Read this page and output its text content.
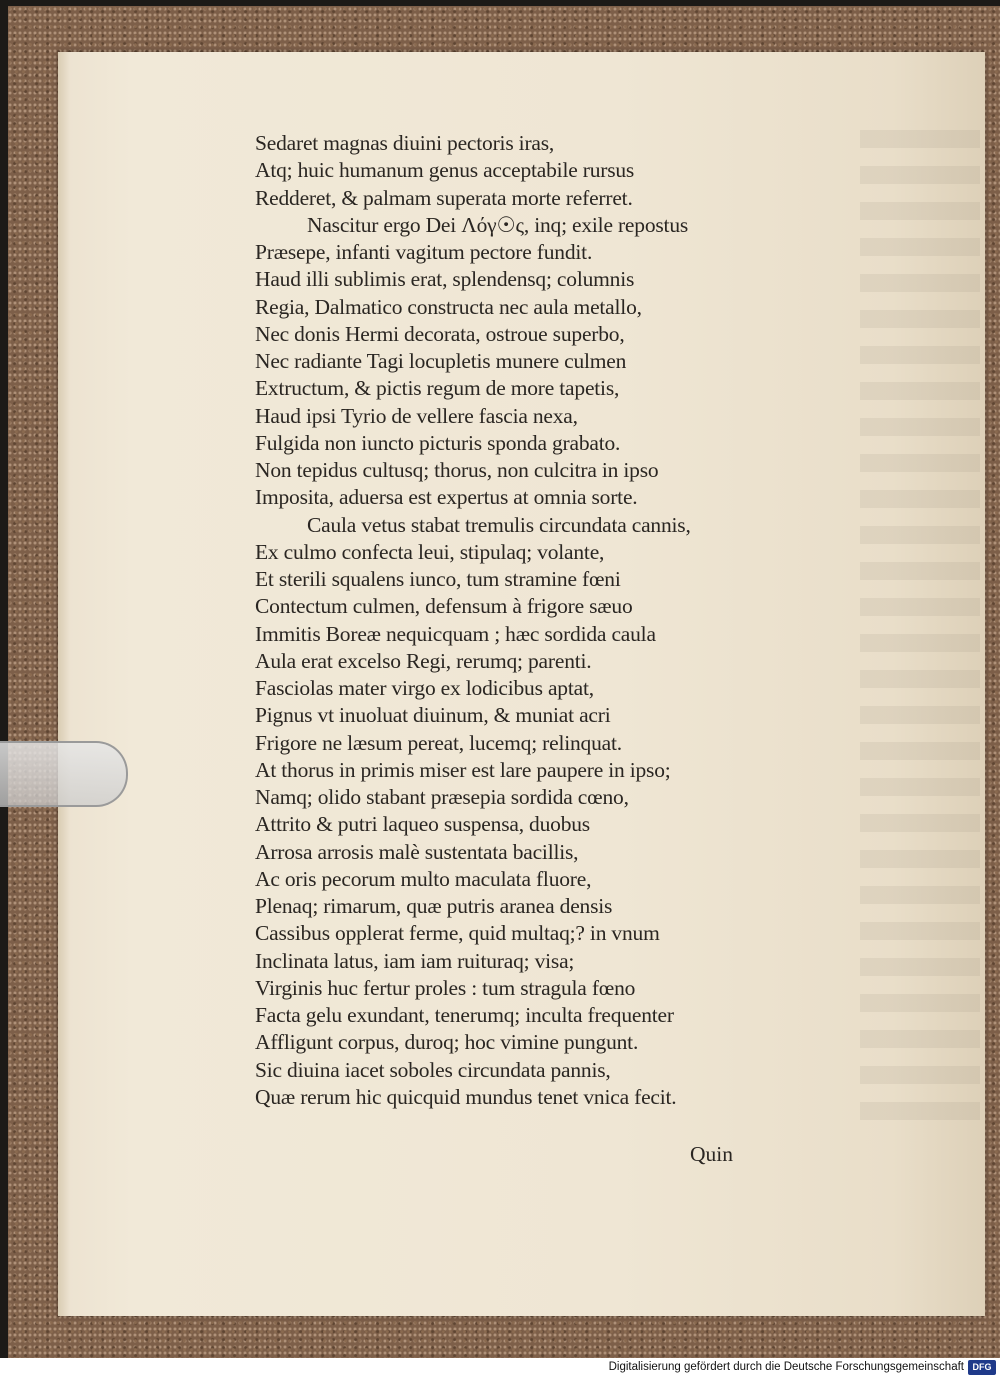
Sedaret magnas diuini pectoris iras,
Atq; huic humanum genus acceptabile rursus
Redderet, & palmam superata morte referret.
Nascitur ergo Dei Λόγ☉ς, inq; exile repostus
Præsepe, infanti vagitum pectore fundit.
Haud illi sublimis erat, splendensq; columnis
Regia, Dalmatico constructa nec aula metallo,
Nec donis Hermi decorata, ostroue superbo,
Nec radiante Tagi locupletis munere culmen
Extructum, & pictis regum de more tapetis,
Haud ipsi Tyrio de vellere fascia nexa,
Fulgida non iuncto picturis sponda grabato.
Non tepidus cultusq; thorus, non culcitra in ipso
Imposita, aduersa est expertus at omnia sorte.
Caula vetus stabat tremulis circundata cannis,
Ex culmo confecta leui, stipulaq; volante,
Et sterili squalens iunco, tum stramine fœni
Contectum culmen, defensum à frigore sæuo
Immitis Boreæ nequicquam ; hæc sordida caula
Aula erat excelso Regi, rerumq; parenti.
Fasciolas mater virgo ex lodicibus aptat,
Pignus vt inuoluat diuinum, & muniat acri
Frigore ne læsum pereat, lucemq; relinquat.
At thorus in primis miser est lare paupere in ipso;
Namq; olido stabant præsepia sordida cœno,
Attrito & putri laqueo suspensa, duobus
Arrosa arrosis malè sustentata bacillis,
Ac oris pecorum multo maculata fluore,
Plenaq; rimarum, quæ putris aranea densis
Cassibus opplerat ferme, quid multaq;? in vnum
Inclinata latus, iam iam ruituraq; visa;
Virginis huc fertur proles : tum stragula fœno
Facta gelu exundant, tenerumq; inculta frequenter
Affligunt corpus, duroq; hoc vimine pungunt.
Sic diuina iacet soboles circundata pannis,
Quæ rerum hic quicquid mundus tenet vnica fecit.
Quin
Digitalisierung gefördert durch die Deutsche Forschungsgemeinschaft DFG
